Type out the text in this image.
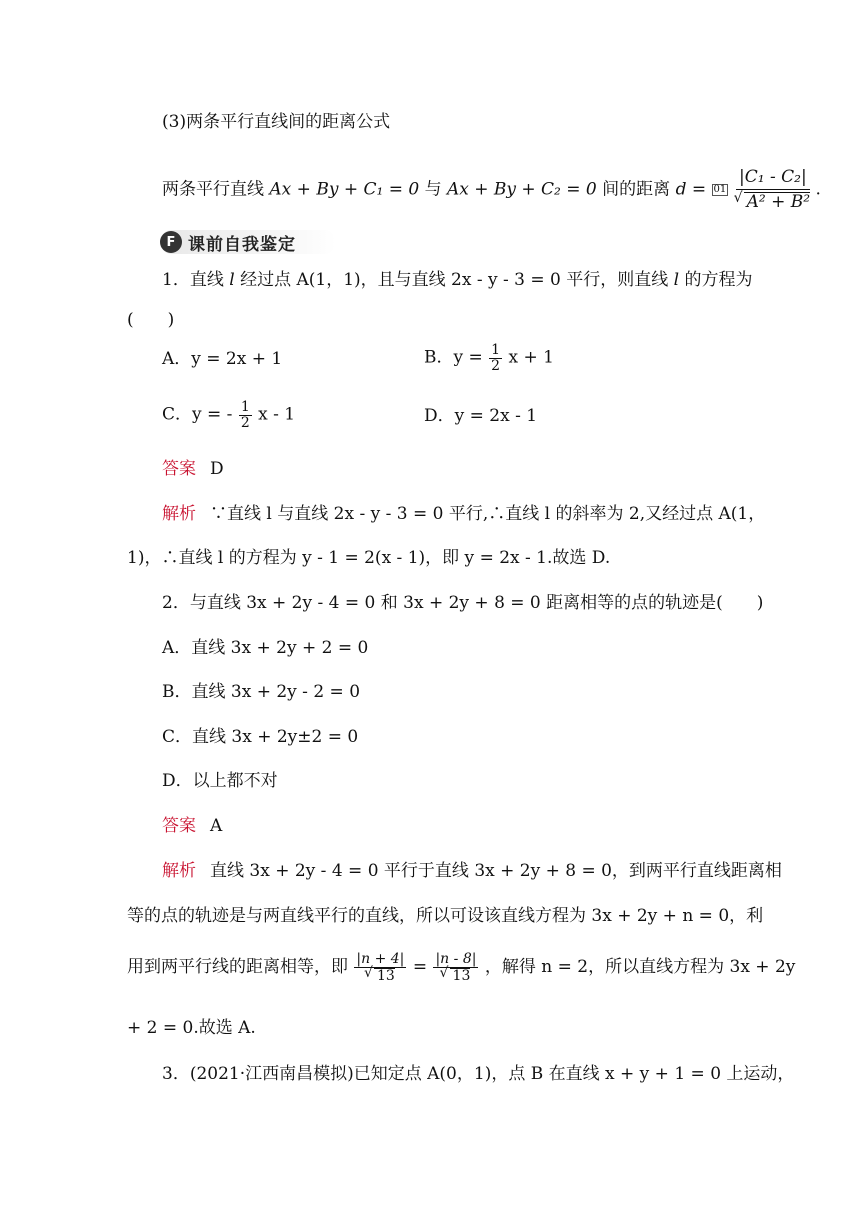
(3)两条平行直线间的距离公式
两条平行直线 Ax + By + C₁ = 0 与 Ax + By + C₂ = 0 间的距离 d = 01 |C₁ - C₂|
√ A² + B² .
F 课前自我鉴定
1．直线 l 经过点 A(1，1)，且与直线 2x - y - 3 = 0 平行，则直线 l 的方程为
(　　)
A．y = 2x + 1	B．$y = \frac{1}{2}$ x + 1
C．y = - $\frac{1}{2}$ x - 1	D．y = 2x - 1
答案 D
解析 ∵直线 l 与直线 2x - y - 3 = 0 平行,∴直线 l 的斜率为 2,又经过点 A(1，
1)，∴直线 l 的方程为 y - 1 = 2(x - 1)，即 y = 2x - 1.故选 D.
2．与直线 3x + 2y - 4 = 0 和 3x + 2y + 8 = 0 距离相等的点的轨迹是(　　)
A．直线 3x + 2y + 2 = 0
B．直线 3x + 2y - 2 = 0
C．直线 3x + 2y±2 = 0
D．以上都不对
答案 A
解析 直线 3x + 2y - 4 = 0 平行于直线 3x + 2y + 8 = 0，到两平行直线距离相
等的点的轨迹是与两直线平行的直线，所以可设该直线方程为 3x + 2y + n = 0，利
用到两平行线的距离相等，即 |n + 4|
√ 13 = |n - 8|
√ 13 ，解得 n = 2，所以直线方程为 3x + 2y
+ 2 = 0.故选 A.
3．(2021·江西南昌模拟)已知定点 A(0，1)，点 B 在直线 x + y + 1 = 0 上运动，
